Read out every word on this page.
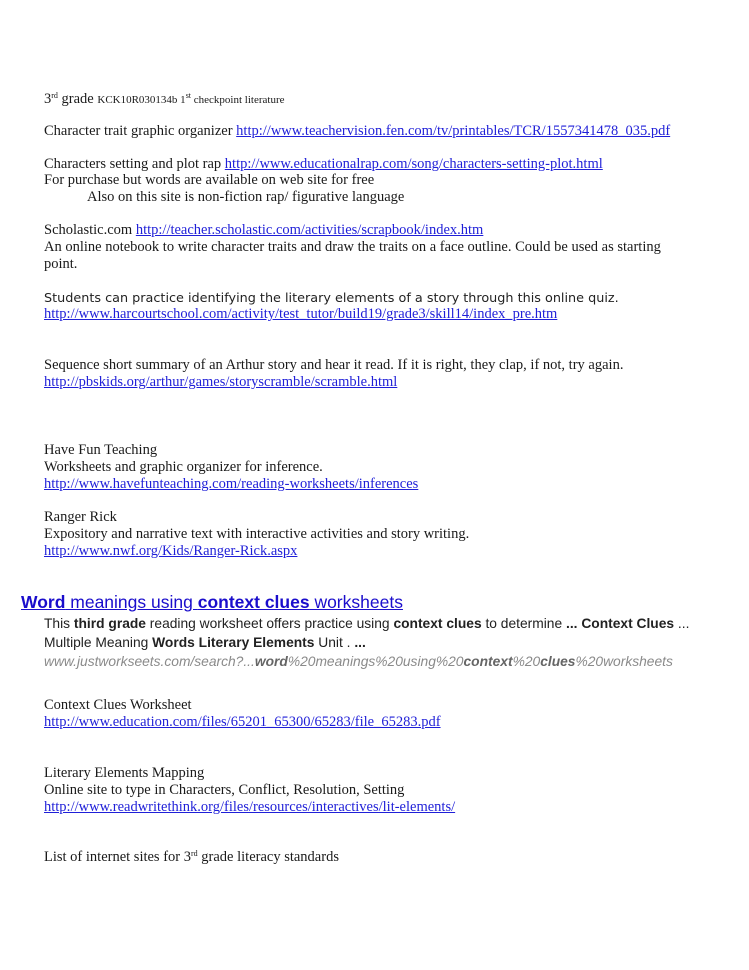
3rd grade KCK10R030134b 1st checkpoint literature
Character trait graphic organizer http://www.teachervision.fen.com/tv/printables/TCR/1557341478_035.pdf
Characters setting and plot rap http://www.educationalrap.com/song/characters-setting-plot.html
For purchase but words are available on web site for free
Also on this site is non-fiction rap/ figurative language
Scholastic.com http://teacher.scholastic.com/activities/scrapbook/index.htm
An online notebook to write character traits and draw the traits on a face outline. Could be used as starting
point.
Students can practice identifying the literary elements of a story through this online quiz.
http://www.harcourtschool.com/activity/test_tutor/build19/grade3/skill14/index_pre.htm
Sequence short summary of an Arthur story and hear it read. If it is right, they clap, if not, try again.
http://pbskids.org/arthur/games/storyscramble/scramble.html
Have Fun Teaching
Worksheets and graphic organizer for inference.
http://www.havefunteaching.com/reading-worksheets/inferences
Ranger Rick
Expository and narrative text with interactive activities and story writing.
http://www.nwf.org/Kids/Ranger-Rick.aspx
Word meanings using context clues worksheets
This third grade reading worksheet offers practice using context clues to determine ... Context Clues ... Multiple Meaning Words Literary Elements Unit . ...
www.justworkseets.com/search?...word%20meanings%20using%20context%20clues%20worksheets
Context Clues Worksheet
http://www.education.com/files/65201_65300/65283/file_65283.pdf
Literary Elements Mapping
Online site to type in Characters, Conflict, Resolution, Setting
http://www.readwritethink.org/files/resources/interactives/lit-elements/
List of internet sites for 3rd grade literacy standards
